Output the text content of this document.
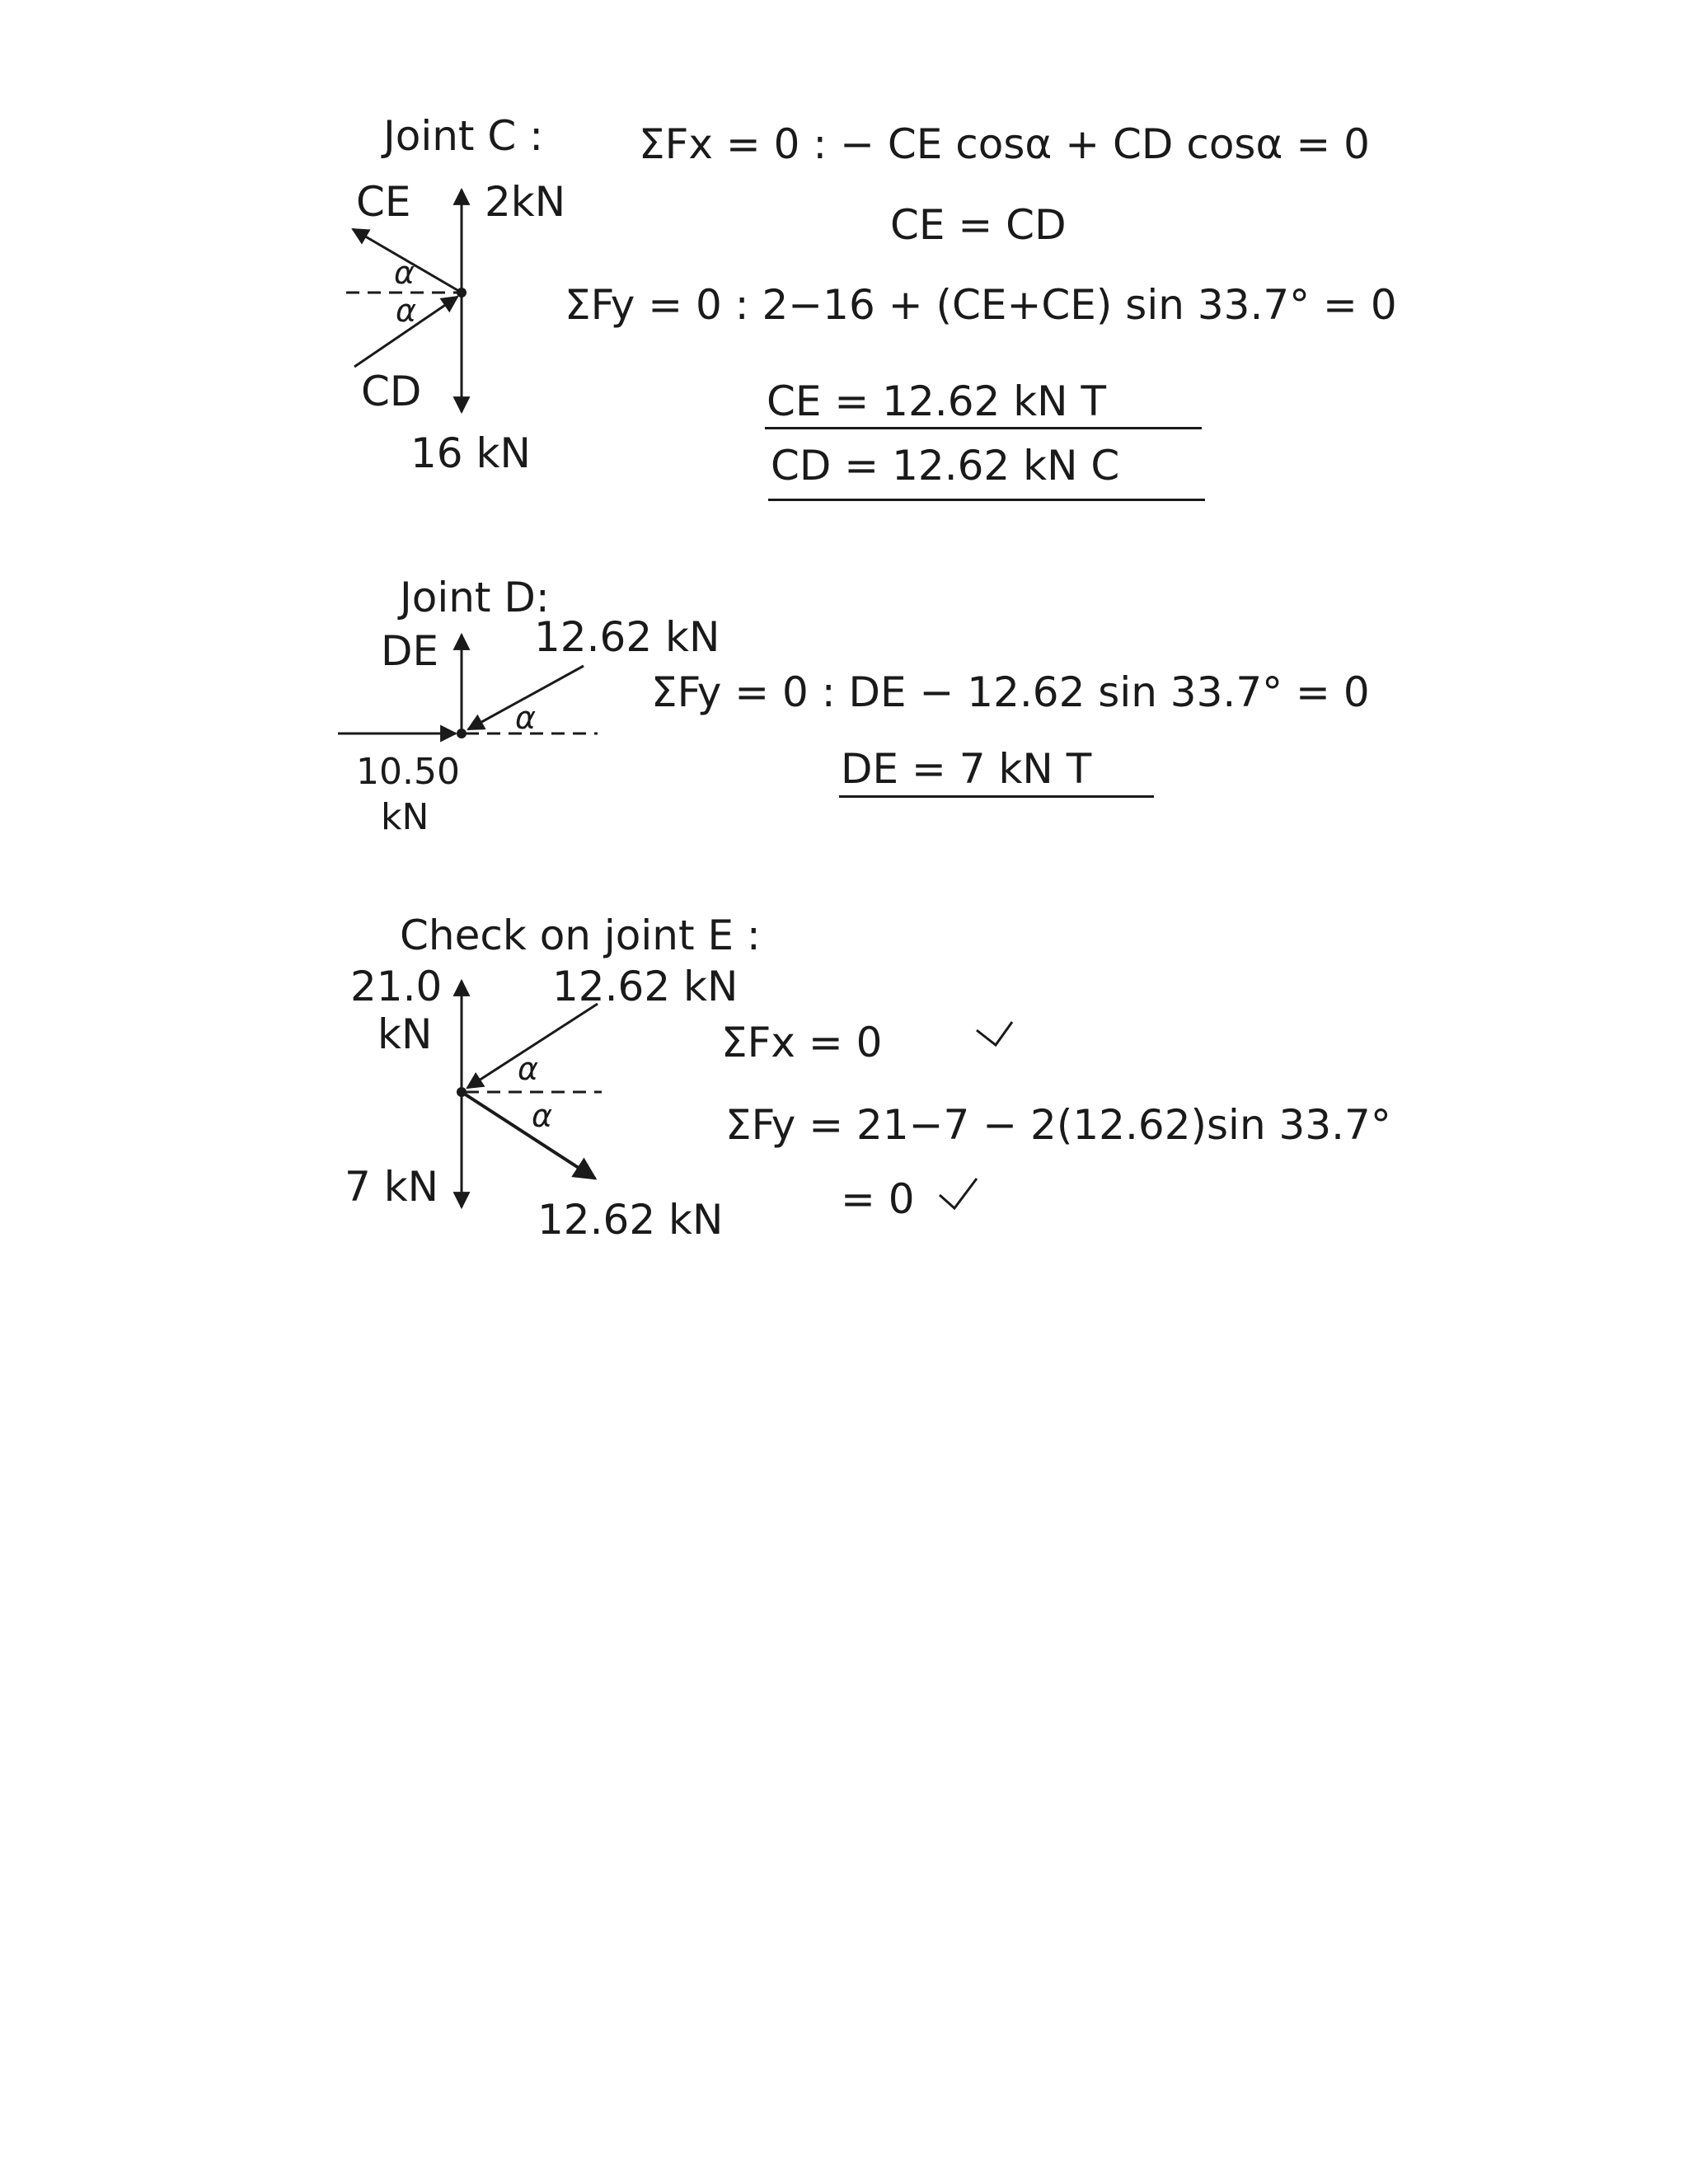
Joint C :
CE 2kN
α
α
CD
16 kN
ΣFx = 0 : − CE cosα + CD cosα = 0
CE = CD
ΣFy = 0 : 2−16 + (CE+CE) sin 33.7° = 0
CE = 12.62 kN T
CD = 12.62 kN C
Joint D:
DE 12.62 kN
α
10.50
kN
ΣFy = 0 : DE − 12.62 sin 33.7° = 0
DE = 7 kN T
Check on joint E :
21.0
kN
12.62 kN
α
α
7 kN
12.62 kN
ΣFx = 0
ΣFy = 21−7 − 2(12.62)sin 33.7°
= 0
